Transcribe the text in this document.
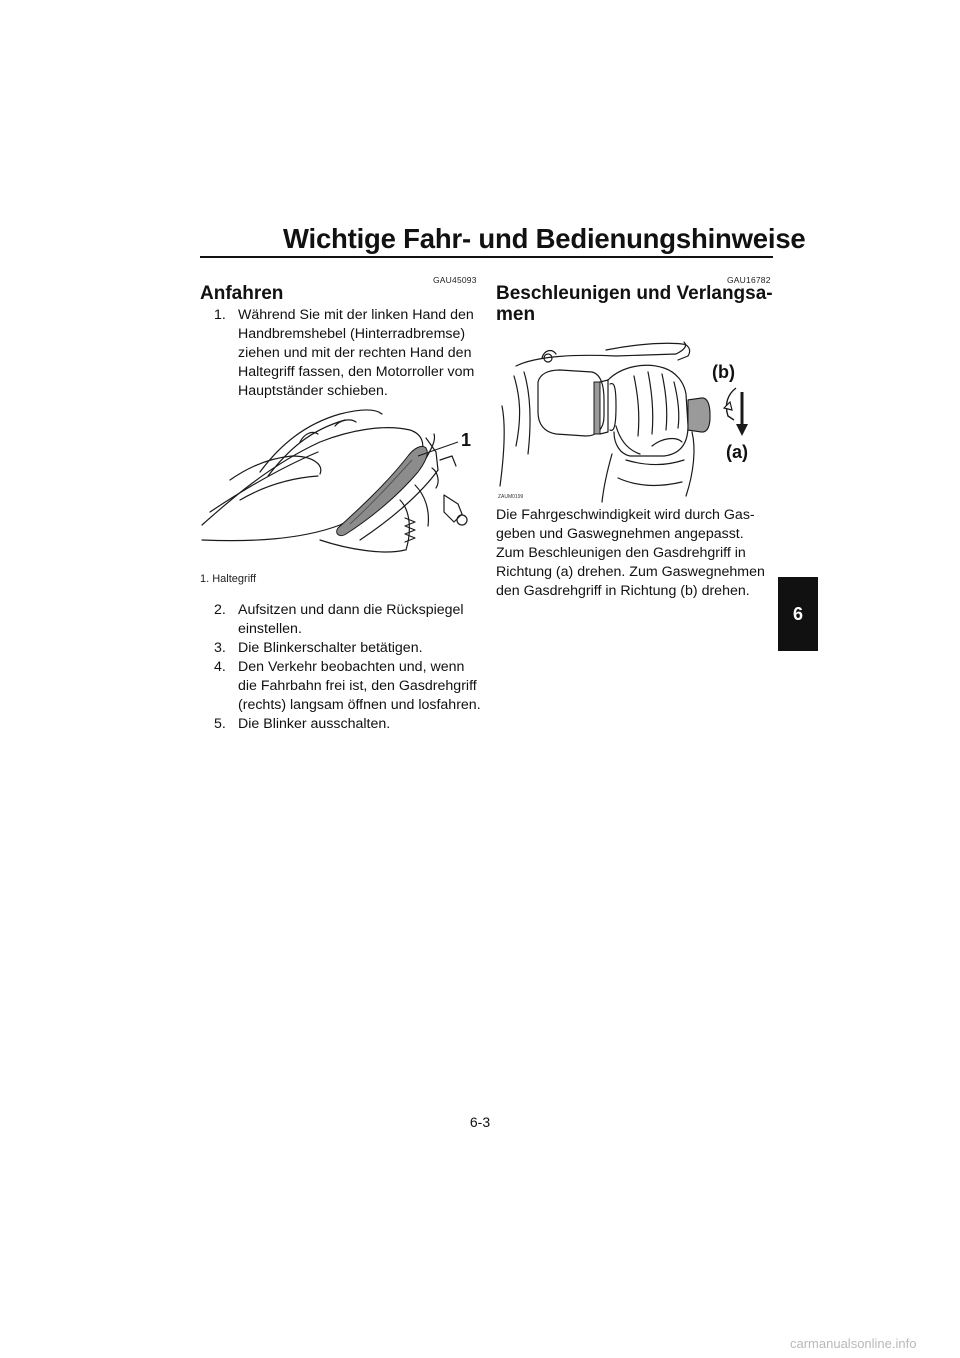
Wichtige Fahr- und Bedienungshinweise
GAU45093
Anfahren
1. Während Sie mit der linken Hand den
Handbremshebel (Hinterradbremse)
ziehen und mit der rechten Hand den
Haltegriff fassen, den Motorroller vom
Hauptständer schieben.
1
1. Haltegriff
2. Aufsitzen und dann die Rückspiegel
einstellen.
3. Die Blinkerschalter betätigen.
4. Den Verkehr beobachten und, wenn
die Fahrbahn frei ist, den Gasdrehgriff
(rechts) langsam öffnen und losfahren.
5. Die Blinker ausschalten.
GAU16782
Beschleunigen und Verlangsa-
men
(b)
(a)
ZAUM0199
Die Fahrgeschwindigkeit wird durch Gas-
geben und Gaswegnehmen angepasst.
Zum Beschleunigen den Gasdrehgriff in
Richtung (a) drehen. Zum Gaswegnehmen
den Gasdrehgriff in Richtung (b) drehen.
6
6-3
carmanualsonline.info
